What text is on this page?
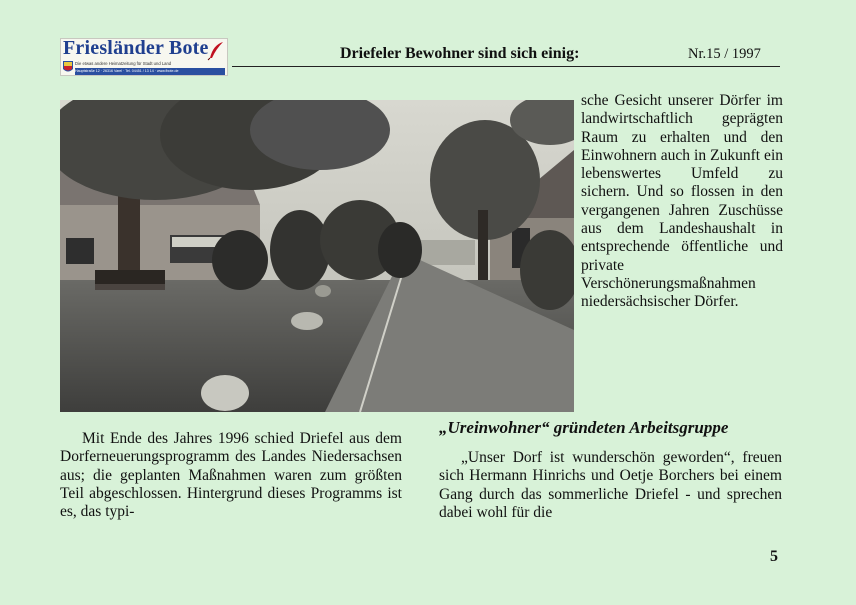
Friesländer Bote
Die etwas andere Heimatzeitung für Stadt und Land
Hauptstraße 12 · 26316 Varel · Tel. 04451 / 13 14 · www.fbote.de
Driefeler Bewohner sind sich einig:	Nr.15 / 1997

sche Gesicht unserer Dörfer im landwirtschaftlich geprägten Raum zu erhalten und den Einwohnern auch in Zukunft ein lebenswertes Umfeld zu sichern. Und so flossen in den vergangenen Jahren Zuschüsse aus dem Landeshaushalt in entsprechende öffentliche und private Verschönerungsmaßnahmen niedersächsischer Dörfer.

Mit Ende des Jahres 1996 schied Driefel aus dem Dorferneuerungsprogramm des Landes Niedersachsen aus; die geplanten Maßnahmen waren zum größten Teil abgeschlossen. Hintergrund dieses Programms ist es, das typi-

„Ureinwohner“ gründeten Arbeitsgruppe

„Unser Dorf ist wunderschön geworden“, freuen sich Hermann Hinrichs und Oetje Borchers bei einem Gang durch das sommerliche Driefel - und sprechen dabei wohl für die

5
